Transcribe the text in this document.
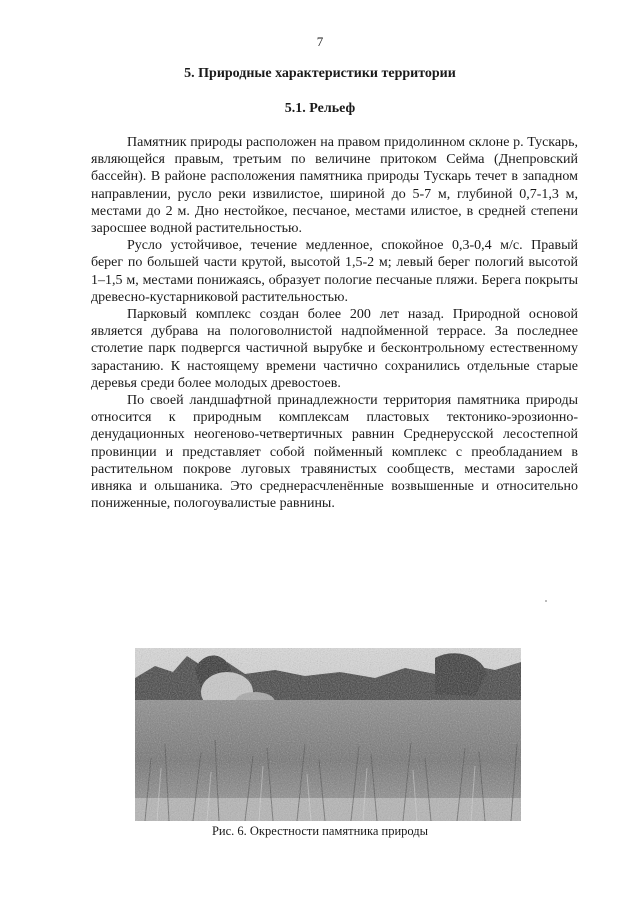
7
5. Природные характеристики территории
5.1. Рельеф

Памятник природы расположен на правом придолинном склоне р. Тускарь, являющейся правым, третьим по величине притоком Сейма (Днепровский бассейн). В районе расположения памятника природы Тускарь течет в западном направлении, русло реки извилистое, шириной до 5-7 м, глубиной 0,7-1,3 м, местами до 2 м. Дно нестойкое, песчаное, местами илистое, в средней степени заросшее водной растительностью.

Русло устойчивое, течение медленное, спокойное 0,3-0,4 м/с. Правый берег по большей части крутой, высотой 1,5-2 м; левый берег пологий высотой 1–1,5 м, местами понижаясь, образует пологие песчаные пляжи. Берега покрыты древесно-кустарниковой растительностью.

Парковый комплекс создан более 200 лет назад. Природной основой является дубрава на пологоволнистой надпойменной террасе. За последнее столетие парк подвергся частичной вырубке и бесконтрольному естественному зарастанию. К настоящему времени частично сохранились отдельные старые деревья среди более молодых древостоев.

По своей ландшафтной принадлежности территория памятника природы относится к природным комплексам пластовых тектонико-эрозионно-денудационных неогеново-четвертичных равнин Среднерусской лесостепной провинции и представляет собой пойменный комплекс с преобладанием в растительном покрове луговых травянистых сообществ, местами зарослей ивняка и ольшаника. Это среднерасчленённые возвышенные и относительно пониженные, пологоувалистые равнины.

Рис. 6. Окрестности памятника природы
